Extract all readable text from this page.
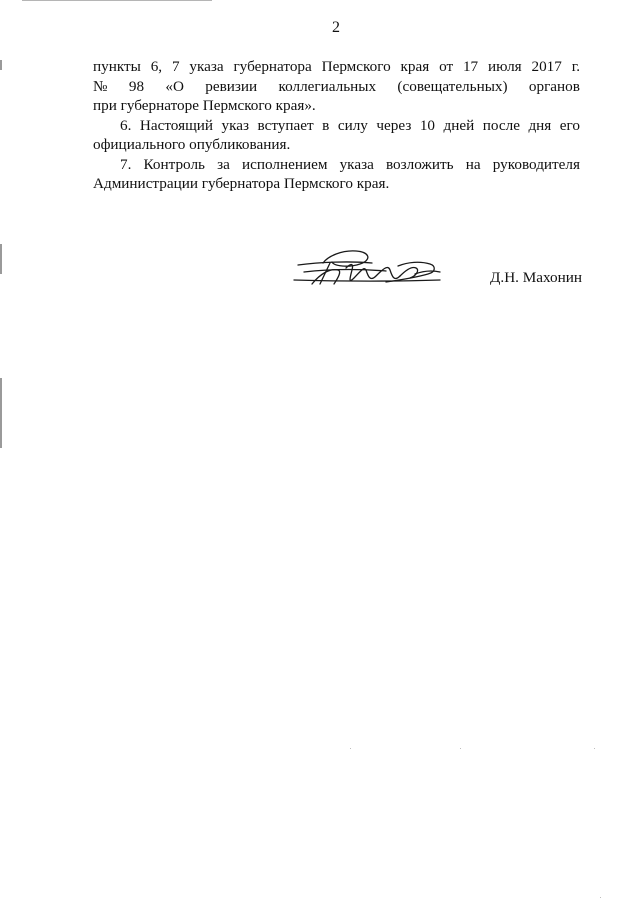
2

пункты 6, 7 указа губернатора Пермского края от 17 июля 2017 г.
№ 98 «О ревизии коллегиальных (совещательных) органов
при губернаторе Пермского края».

6. Настоящий указ вступает в силу через 10 дней после дня его официального опубликования.

7. Контроль за исполнением указа возложить на руководителя Администрации губернатора Пермского края.

Д.Н. Махонин
